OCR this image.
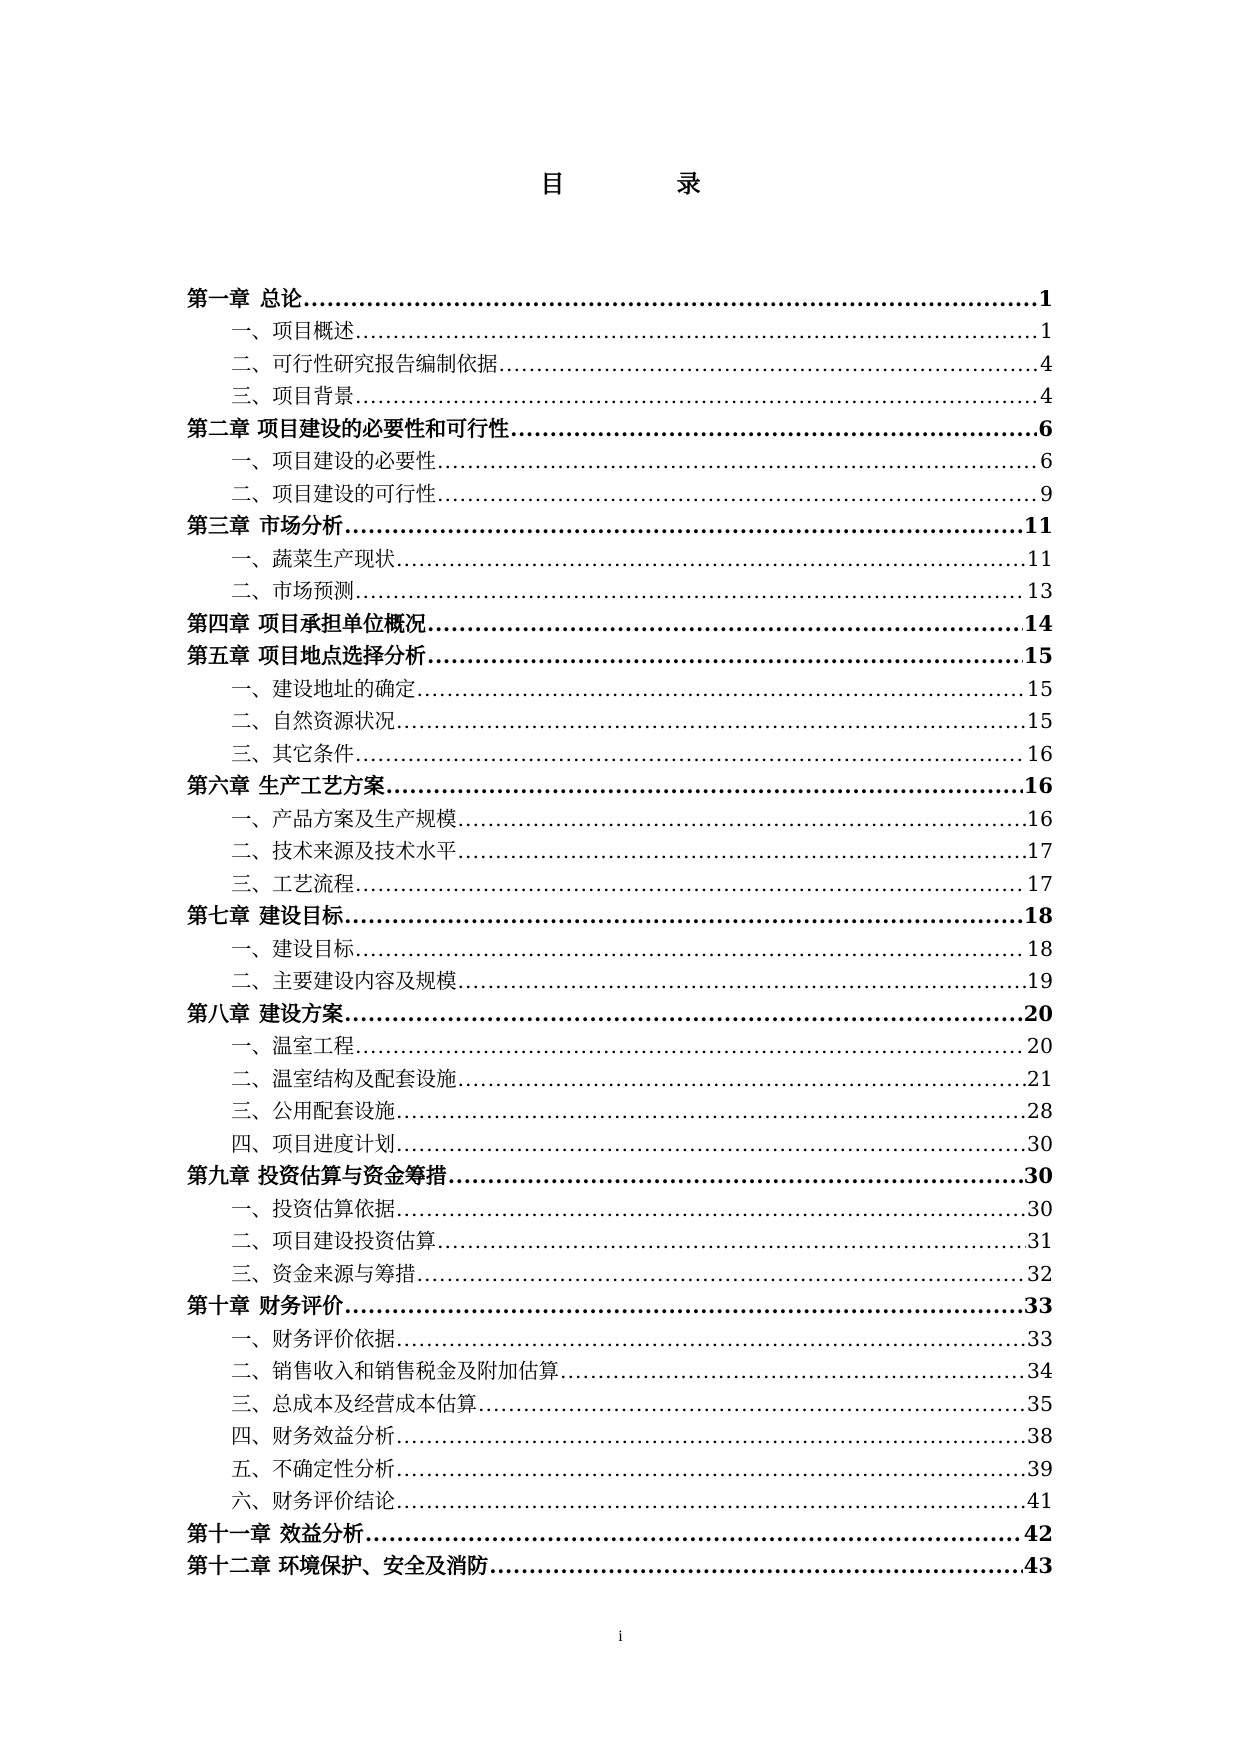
目 录
第一章 总论 .....	1
一、项目概述 .....	1
二、可行性研究报告编制依据 .....	4
三、项目背景 .....	4
第二章 项目建设的必要性和可行性 .....	6
一、项目建设的必要性 .....	6
二、项目建设的可行性 .....	9
第三章 市场分析 .....	11
一、蔬菜生产现状 .....	11
二、市场预测 .....	13
第四章 项目承担单位概况 .....	14
第五章 项目地点选择分析 .....	15
一、建设地址的确定 .....	15
二、自然资源状况 .....	15
三、其它条件 .....	16
第六章 生产工艺方案 .....	16
一、产品方案及生产规模 .....	16
二、技术来源及技术水平 .....	17
三、工艺流程 .....	17
第七章 建设目标 .....	18
一、建设目标 .....	18
二、主要建设内容及规模 .....	19
第八章 建设方案 .....	20
一、温室工程 .....	20
二、温室结构及配套设施 .....	21
三、公用配套设施 .....	28
四、项目进度计划 .....	30
第九章 投资估算与资金筹措 .....	30
一、投资估算依据 .....	30
二、项目建设投资估算 .....	31
三、资金来源与筹措 .....	32
第十章 财务评价 .....	33
一、财务评价依据 .....	33
二、销售收入和销售税金及附加估算 .....	34
三、总成本及经营成本估算 .....	35
四、财务效益分析 .....	38
五、不确定性分析 .....	39
六、财务评价结论 .....	41
第十一章 效益分析 .....	42
第十二章 环境保护、安全及消防 .....	43
i
